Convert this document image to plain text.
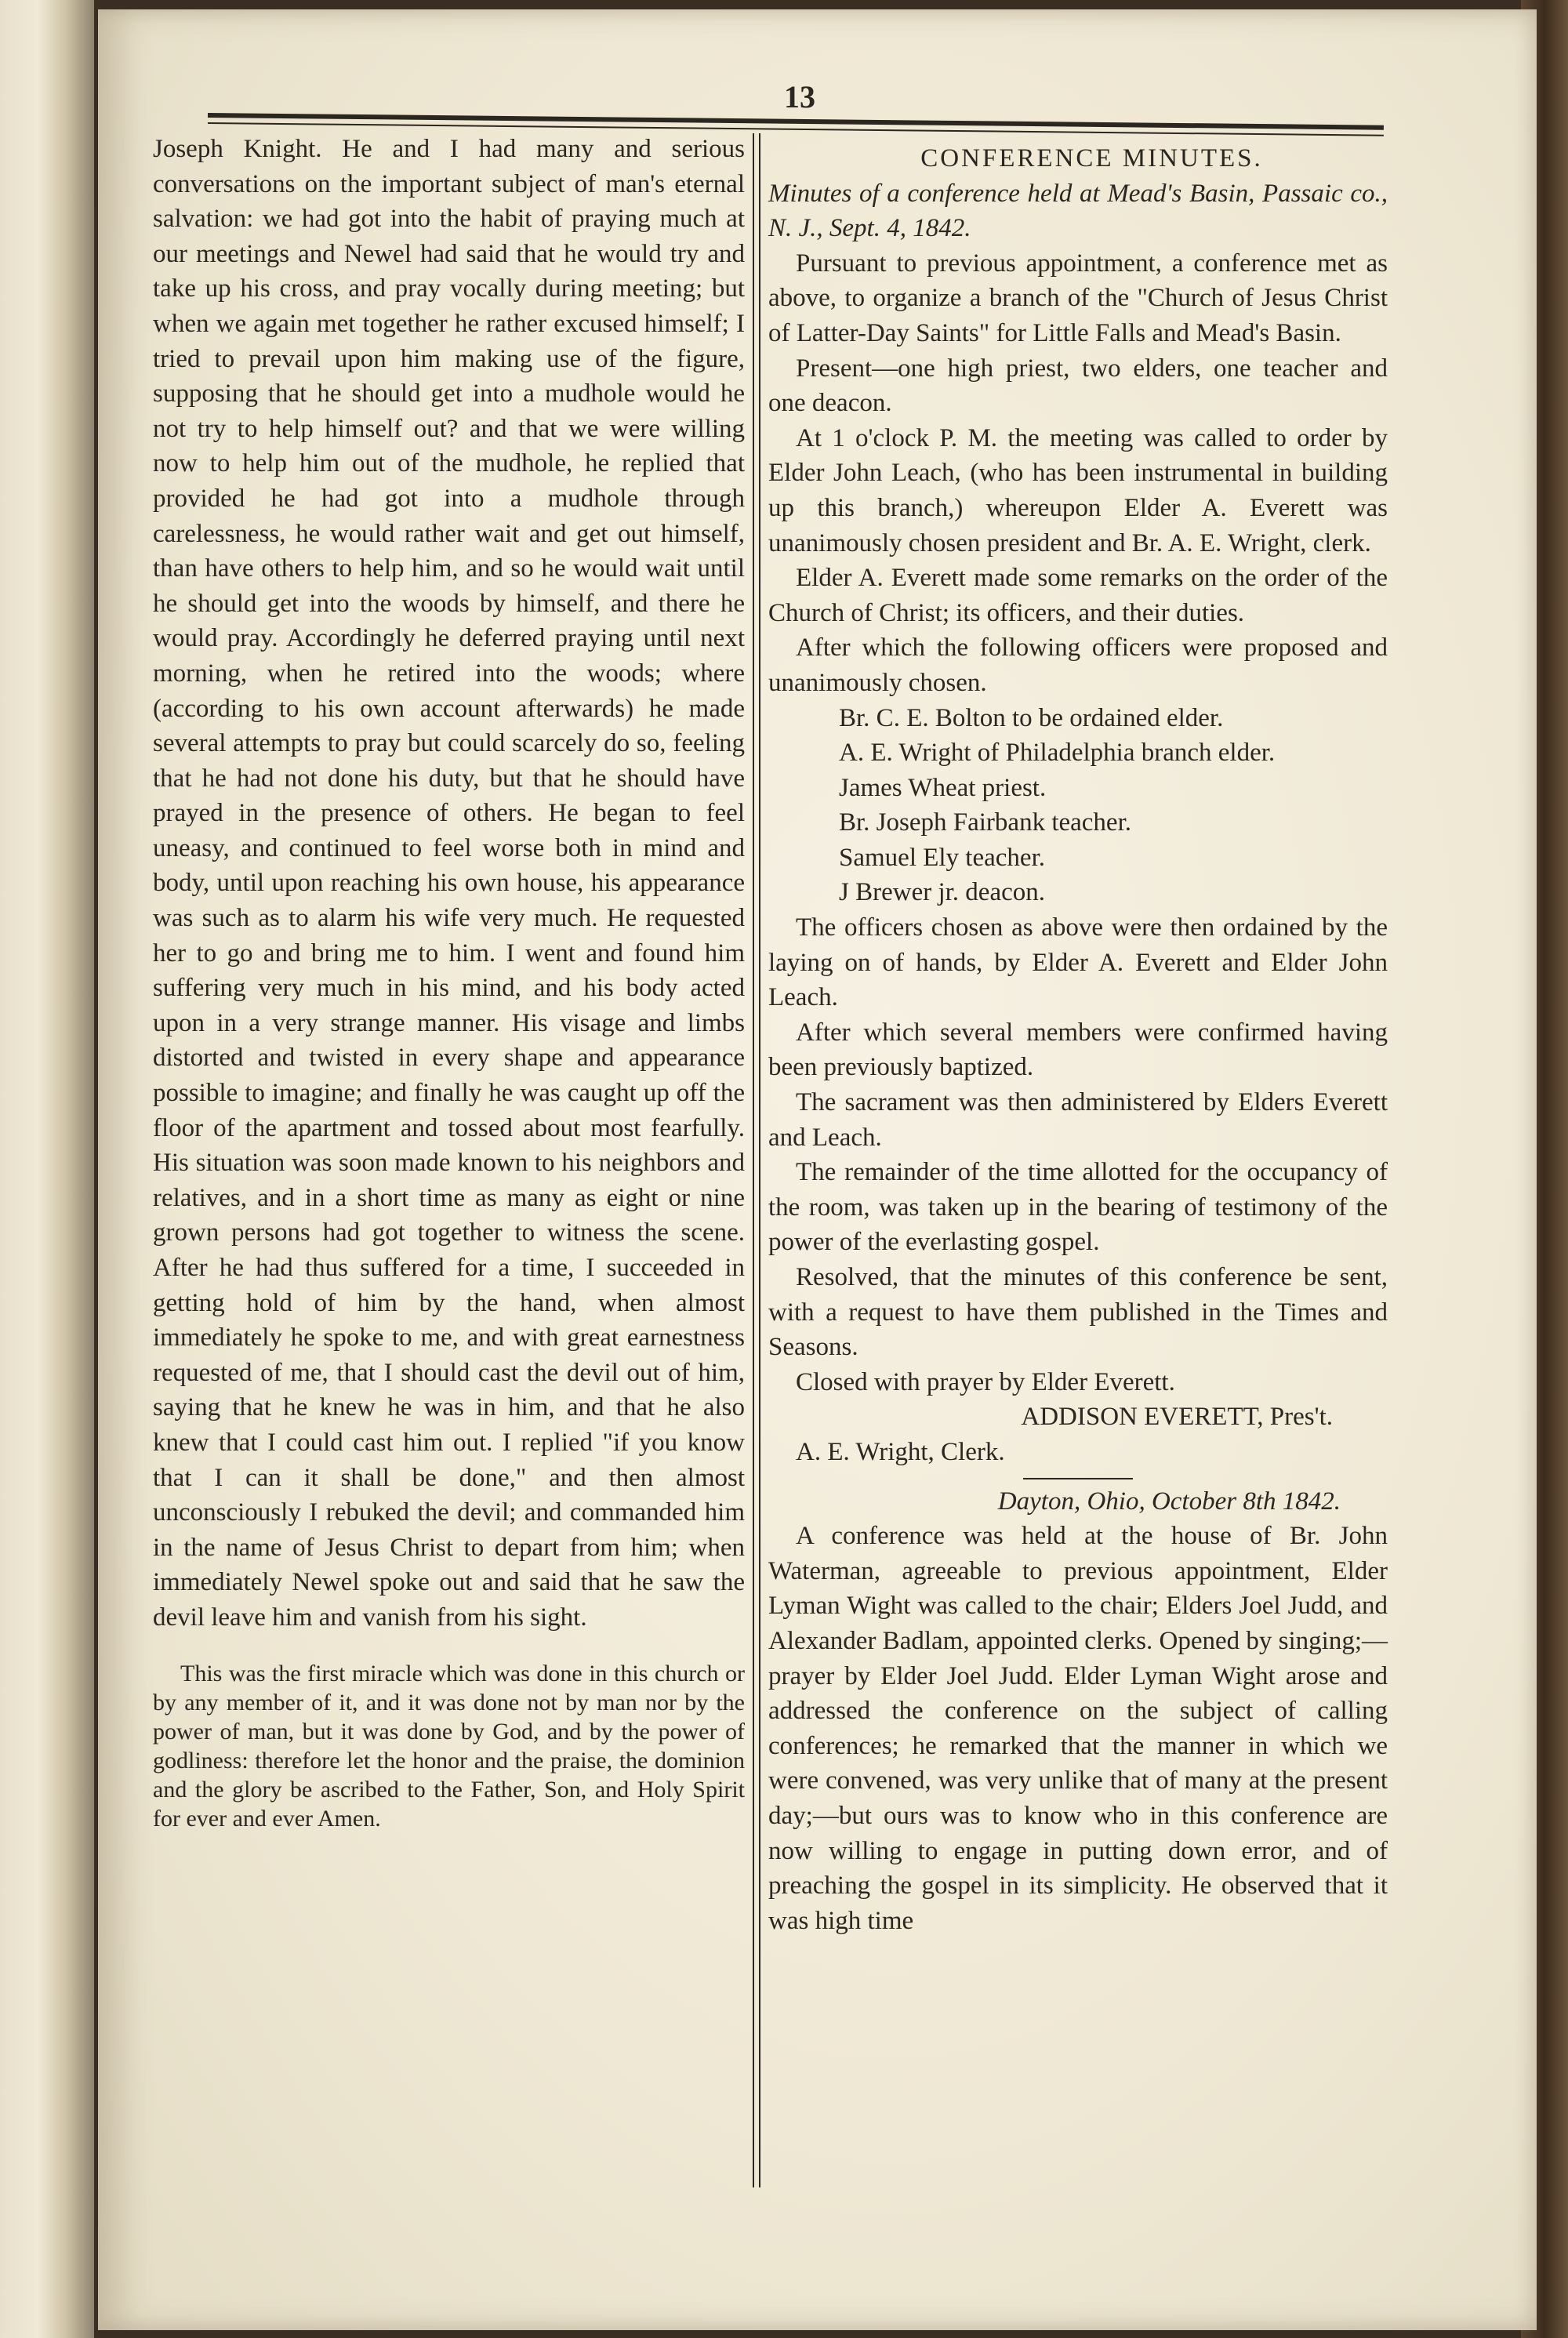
13

Joseph Knight. He and I had many and serious conversations on the important subject of man's eternal salvation: we had got into the habit of praying much at our meetings and Newel had said that he would try and take up his cross, and pray vocally during meeting; but when we again met together he rather excused himself; I tried to prevail upon him making use of the figure, supposing that he should get into a mudhole would he not try to help himself out? and that we were willing now to help him out of the mudhole, he replied that provided he had got into a mudhole through carelessness, he would rather wait and get out himself, than have others to help him, and so he would wait until he should get into the woods by himself, and there he would pray. Accordingly he deferred praying until next morning, when he retired into the woods; where (according to his own account afterwards) he made several attempts to pray but could scarcely do so, feeling that he had not done his duty, but that he should have prayed in the presence of others. He began to feel uneasy, and continued to feel worse both in mind and body, until upon reaching his own house, his appearance was such as to alarm his wife very much. He requested her to go and bring me to him. I went and found him suffering very much in his mind, and his body acted upon in a very strange manner. His visage and limbs distorted and twisted in every shape and appearance possible to imagine; and finally he was caught up off the floor of the apartment and tossed about most fearfully. His situation was soon made known to his neighbors and relatives, and in a short time as many as eight or nine grown persons had got together to witness the scene. After he had thus suffered for a time, I succeeded in getting hold of him by the hand, when almost immediately he spoke to me, and with great earnestness requested of me, that I should cast the devil out of him, saying that he knew he was in him, and that he also knew that I could cast him out. I replied "if you know that I can it shall be done," and then almost unconsciously I rebuked the devil; and commanded him in the name of Jesus Christ to depart from him; when immediately Newel spoke out and said that he saw the devil leave him and vanish from his sight.

This was the first miracle which was done in this church or by any member of it, and it was done not by man nor by the power of man, but it was done by God, and by the power of godliness: therefore let the honor and the praise, the dominion and the glory be ascribed to the Father, Son, and Holy Spirit for ever and ever Amen.

CONFERENCE MINUTES.

Minutes of a conference held at Mead's Basin, Passaic co., N. J., Sept. 4, 1842.

Pursuant to previous appointment, a conference met as above, to organize a branch of the "Church of Jesus Christ of Latter-Day Saints" for Little Falls and Mead's Basin.

Present—one high priest, two elders, one teacher and one deacon.

At 1 o'clock P. M. the meeting was called to order by Elder John Leach, (who has been instrumental in building up this branch,) whereupon Elder A. Everett was unanimously chosen president and Br. A. E. Wright, clerk.

Elder A. Everett made some remarks on the order of the Church of Christ; its officers, and their duties.

After which the following officers were proposed and unanimously chosen.

Br. C. E. Bolton to be ordained elder.

A. E. Wright of Philadelphia branch elder.

James Wheat priest.

Br. Joseph Fairbank teacher.

Samuel Ely teacher.

J Brewer jr. deacon.

The officers chosen as above were then ordained by the laying on of hands, by Elder A. Everett and Elder John Leach.

After which several members were confirmed having been previously baptized.

The sacrament was then administered by Elders Everett and Leach.

The remainder of the time allotted for the occupancy of the room, was taken up in the bearing of testimony of the power of the everlasting gospel.

Resolved, that the minutes of this conference be sent, with a request to have them published in the Times and Seasons.

Closed with prayer by Elder Everett.

ADDISON EVERETT, Pres't.

A. E. Wright, Clerk.

Dayton, Ohio, October 8th 1842.

A conference was held at the house of Br. John Waterman, agreeable to previous appointment, Elder Lyman Wight was called to the chair; Elders Joel Judd, and Alexander Badlam, appointed clerks. Opened by singing;—prayer by Elder Joel Judd. Elder Lyman Wight arose and addressed the conference on the subject of calling conferences; he remarked that the manner in which we were convened, was very unlike that of many at the present day;—but ours was to know who in this conference are now willing to engage in putting down error, and of preaching the gospel in its simplicity. He observed that it was high time
